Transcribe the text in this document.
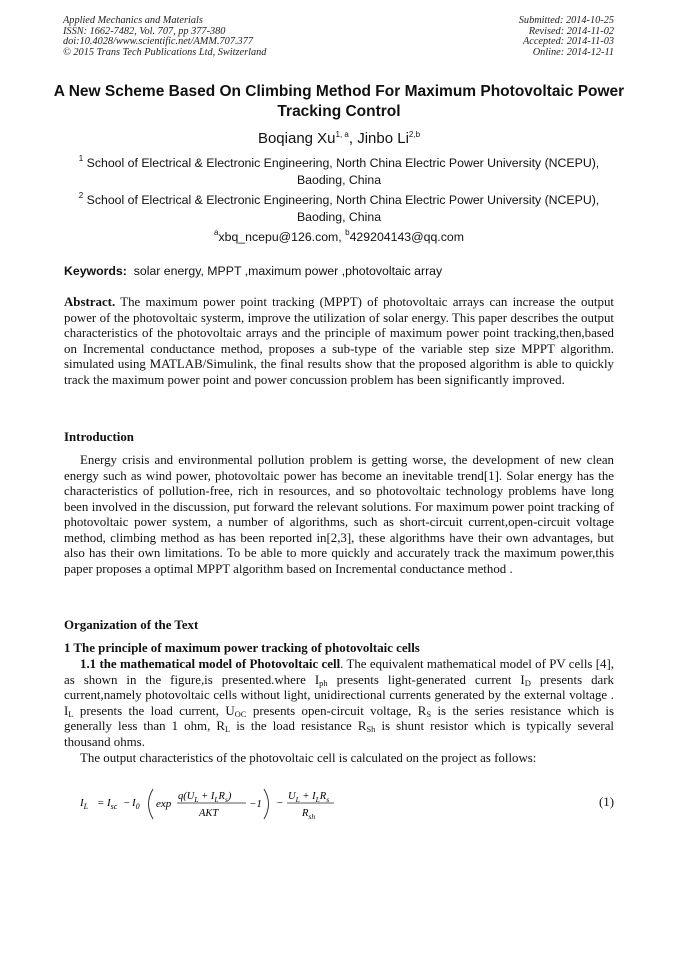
Applied Mechanics and Materials
ISSN: 1662-7482, Vol. 707, pp 377-380
doi:10.4028/www.scientific.net/AMM.707.377
© 2015 Trans Tech Publications Ltd, Switzerland
Submitted: 2014-10-25
Revised: 2014-11-02
Accepted: 2014-11-03
Online: 2014-12-11
A New Scheme Based On Climbing Method For Maximum Photovoltaic Power Tracking Control
Boqiang Xu$^{1, a}$, Jinbo Li$^{2,b}$
$^1$ School of Electrical & Electronic Engineering, North China Electric Power University (NCEPU), Baoding, China
$^2$ School of Electrical & Electronic Engineering, North China Electric Power University (NCEPU), Baoding, China
$^a$xbq_ncepu@126.com, $^b$429204143@qq.com
Keywords: solar energy, MPPT ,maximum power ,photovoltaic array
Abstract. The maximum power point tracking (MPPT) of photovoltaic arrays can increase the output power of the photovoltaic systerm, improve the utilization of solar energy. This paper describes the output characteristics of the photovoltaic arrays and the principle of maximum power point tracking,then,based on Incremental conductance method, proposes a sub-type of the variable step size MPPT algorithm. simulated using MATLAB/Simulink, the final results show that the proposed algorithm is able to quickly track the maximum power point and power concussion problem has been significantly improved.
Introduction
Energy crisis and environmental pollution problem is getting worse, the development of new clean energy such as wind power, photovoltaic power has become an inevitable trend[1]. Solar energy has the characteristics of pollution-free, rich in resources, and so photovoltaic technology problems have long been involved in the discussion, put forward the relevant solutions. For maximum power point tracking of photovoltaic power system, a number of algorithms, such as short-circuit current,open-circuit voltage method, climbing method as has been reported in[2,3], these algorithms have their own advantages, but also has their own limitations. To be able to more quickly and accurately track the maximum power,this paper proposes a optimal MPPT algorithm based on Incremental conductance method .
Organization of the Text
1 The principle of maximum power tracking of photovoltaic cells
1.1 the mathematical model of Photovoltaic cell. The equivalent mathematical model of PV cells [4], as shown in the figure,is presented.where $I_{ph}$ presents light-generated current $I_D$ presents dark current,namely photovoltaic cells without light, unidirectional currents generated by the external voltage . $I_L$ presents the load current, $U_{OC}$ presents open-circuit voltage, $R_S$ is the series resistance which is generally less than 1 ohm, $R_L$ is the load resistance $R_{Sh}$ is shunt resistor which is typically several thousand ohms.
The output characteristics of the photovoltaic cell is calculated on the project as follows:
$I_L = I_{sc} - I_0$ exp
$q(U_L + I_LR_s)$
AKT
−1 −
$U_L + I_LR_s$
$R_{sh}$
(1)
